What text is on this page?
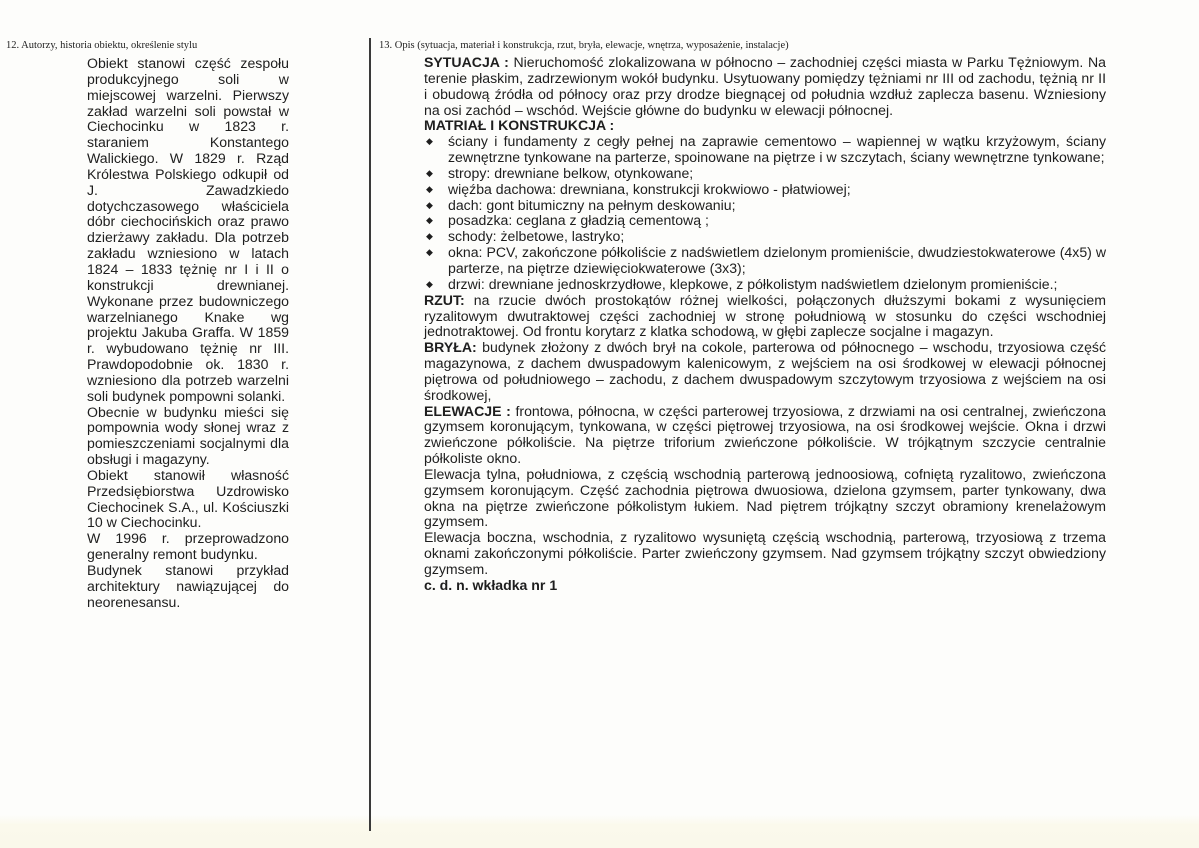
12. Autorzy, historia obiektu, określenie stylu	13. Opis (sytuacja, materiał i konstrukcja, rzut, bryła, elewacje, wnętrza, wyposażenie, instalacje)

Obiekt stanowi część zespołu produkcyjnego soli w miejscowej warzelni. Pierwszy zakład warzelni soli powstał w Ciechocinku w 1823 r. staraniem Konstantego Walickiego. W 1829 r. Rząd Królestwa Polskiego odkupił od J. Zawadzkiedo dotychczasowego właściciela dóbr ciechocińskich oraz prawo dzierżawy zakładu. Dla potrzeb zakładu wzniesiono w latach 1824 – 1833 tężnię nr I i II o konstrukcji drewnianej. Wykonane przez budowniczego warzelnianego Knake wg projektu Jakuba Graffa. W 1859 r. wybudowano tężnię nr III. Prawdopodobnie ok. 1830 r. wzniesiono dla potrzeb warzelni soli budynek pompowni solanki.

Obecnie w budynku mieści się pompownia wody słonej wraz z pomieszczeniami socjalnymi dla obsługi i magazyny.

Obiekt stanowił własność Przedsiębiorstwa Uzdrowisko Ciechocinek S.A., ul. Kościuszki 10 w Ciechocinku.

W 1996 r. przeprowadzono generalny remont budynku.

Budynek stanowi przykład architektury nawiązującej do neorenesansu.

SYTUACJA : Nieruchomość zlokalizowana w północno – zachodniej części miasta w Parku Tężniowym. Na terenie płaskim, zadrzewionym wokół budynku. Usytuowany pomiędzy tężniami nr III od zachodu, tężnią nr II i obudową źródła od północy oraz przy drodze biegnącej od południa wzdłuż zaplecza basenu. Wzniesiony na osi zachód – wschód. Wejście główne do budynku w elewacji północnej.

MATRIAŁ I KONSTRUKCJA :

◆ ściany i fundamenty z cegły pełnej na zaprawie cementowo – wapiennej w wątku krzyżowym, ściany zewnętrzne tynkowane na parterze, spoinowane na piętrze i w szczytach, ściany wewnętrzne tynkowane;
◆ stropy: drewniane belkow, otynkowane;
◆ więźba dachowa: drewniana, konstrukcji krokwiowo - płatwiowej;
◆ dach: gont bitumiczny na pełnym deskowaniu;
◆ posadzka: ceglana z gładzią cementową ;
◆ schody: żelbetowe, lastryko;
◆ okna: PCV, zakończone półkoliście z nadświetlem dzielonym promieniście, dwudziestokwaterowe (4x5) w parterze, na piętrze dziewięciokwaterowe (3x3);
◆ drzwi: drewniane jednoskrzydłowe, klepkowe, z półkolistym nadświetlem dzielonym promieniście.;

RZUT: na rzucie dwóch prostokątów różnej wielkości, połączonych dłuższymi bokami z wysunięciem ryzalitowym dwutraktowej części zachodniej w stronę południową w stosunku do części wschodniej jednotraktowej. Od frontu korytarz z klatka schodową, w głębi zaplecze socjalne i magazyn.

BRYŁA: budynek złożony z dwóch brył na cokole, parterowa od północnego – wschodu, trzyosiowa część magazynowa, z dachem dwuspadowym kalenicowym, z wejściem na osi środkowej w elewacji północnej piętrowa od południowego – zachodu, z dachem dwuspadowym szczytowym trzyosiowa z wejściem na osi środkowej,

ELEWACJE : frontowa, północna, w części parterowej trzyosiowa, z drzwiami na osi centralnej, zwieńczona gzymsem koronującym, tynkowana, w części piętrowej trzyosiowa, na osi środkowej wejście. Okna i drzwi zwieńczone półkoliście. Na piętrze triforium zwieńczone półkoliście. W trójkątnym szczycie centralnie półkoliste okno.

Elewacja tylna, południowa, z częścią wschodnią parterową jednoosiową, cofniętą ryzalitowo, zwieńczona gzymsem koronującym. Część zachodnia piętrowa dwuosiowa, dzielona gzymsem, parter tynkowany, dwa okna na piętrze zwieńczone półkolistym łukiem. Nad piętrem trójkątny szczyt obramiony krenelażowym gzymsem.

Elewacja boczna, wschodnia, z ryzalitowo wysuniętą częścią wschodnią, parterową, trzyosiową z trzema oknami zakończonymi półkoliście. Parter zwieńczony gzymsem. Nad gzymsem trójkątny szczyt obwiedziony gzymsem.

c. d. n. wkładka nr 1
